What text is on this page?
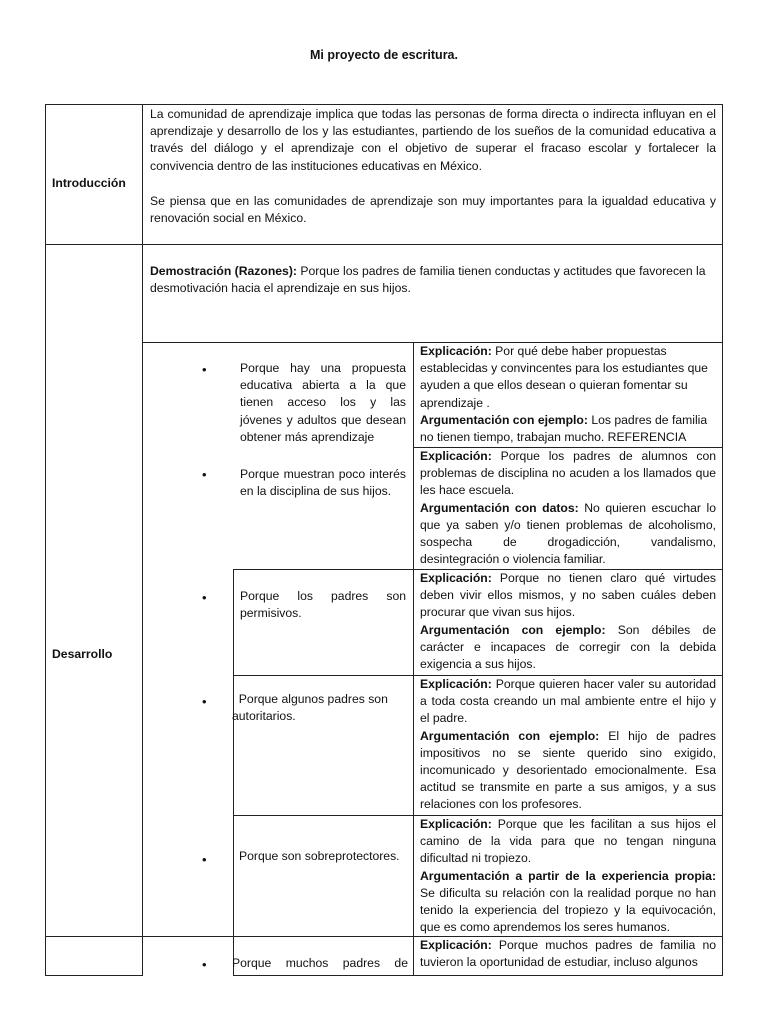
Mi proyecto de escritura.
Introducción
La comunidad de aprendizaje implica que todas las personas de forma directa o indirecta influyan en el aprendizaje y desarrollo de los y las estudiantes, partiendo de los sueños de la comunidad educativa a través del diálogo y el aprendizaje con el objetivo de superar el fracaso escolar y fortalecer la convivencia dentro de las instituciones educativas en México.
Se piensa que en las comunidades de aprendizaje son muy importantes para la igualdad educativa y renovación social en México.
Desarrollo
Demostración (Razones): Porque los padres de familia tienen conductas y actitudes que favorecen la desmotivación hacia el aprendizaje en sus hijos.
•	Porque hay una propuesta educativa abierta a la que tienen acceso los y las jóvenes y adultos que desean obtener más aprendizaje
Explicación: Por qué debe haber propuestas establecidas y convincentes para los estudiantes que ayuden a que ellos desean o quieran fomentar su aprendizaje .
Argumentación con ejemplo: Los padres de familia no tienen tiempo, trabajan mucho. REFERENCIA
•	Porque muestran poco interés en la disciplina de sus hijos.
Explicación: Porque los padres de alumnos con problemas de disciplina no acuden a los llamados que les hace escuela.
Argumentación con datos: No quieren escuchar lo que ya saben y/o tienen problemas de alcoholismo, sospecha de drogadicción, vandalismo, desintegración o violencia familiar.
•	Porque los padres son permisivos.
Explicación: Porque no tienen claro qué virtudes deben vivir ellos mismos, y no saben cuáles deben procurar que vivan sus hijos.
Argumentación con ejemplo: Son débiles de carácter e incapaces de corregir con la debida exigencia a sus hijos.
• Porque algunos padres son autoritarios.
Explicación: Porque quieren hacer valer su autoridad a toda costa creando un mal ambiente entre el hijo y el padre.
Argumentación con ejemplo: El hijo de padres impositivos no se siente querido sino exigido, incomunicado y desorientado emocionalmente. Esa actitud se transmite en parte a sus amigos, y a sus relaciones con los profesores.
•	Porque son sobreprotectores.
Explicación: Porque que les facilitan a sus hijos el camino de la vida para que no tengan ninguna dificultad ni tropiezo.
Argumentación a partir de la experiencia propia: Se dificulta su relación con la realidad porque no han tenido la experiencia del tropiezo y la equivocación, que es como aprendemos los seres humanos.
• Porque muchos padres de
Explicación: Porque muchos padres de familia no tuvieron la oportunidad de estudiar, incluso algunos
